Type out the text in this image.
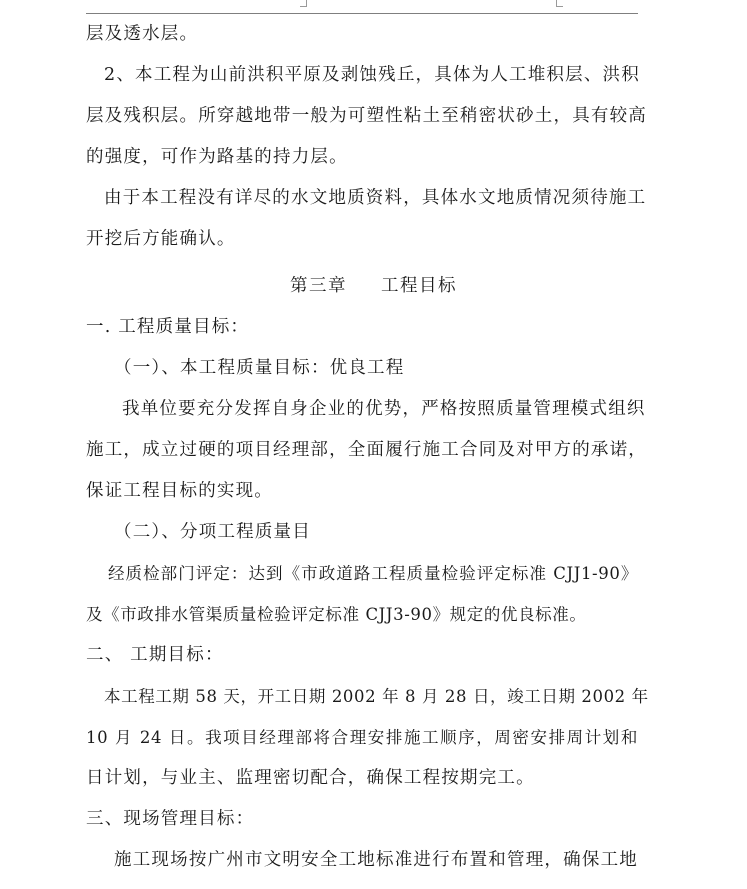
层及透水层。
2、本工程为山前洪积平原及剥蚀残丘，具体为人工堆积层、洪积
层及残积层。所穿越地带一般为可塑性粘土至稍密状砂土，具有较高
的强度，可作为路基的持力层。
由于本工程没有详尽的水文地质资料，具体水文地质情况须待施工
开挖后方能确认。
第三章 工程目标
一. 工程质量目标：
（一）、本工程质量目标：优良工程
我单位要充分发挥自身企业的优势，严格按照质量管理模式组织
施工，成立过硬的项目经理部，全面履行施工合同及对甲方的承诺，
保证工程目标的实现。
（二）、分项工程质量目
经质检部门评定：达到《市政道路工程质量检验评定标准 CJJ1-90》
及《市政排水管渠质量检验评定标准 CJJ3-90》规定的优良标准。
二、 工期目标：
本工程工期 58 天，开工日期 2002 年 8 月 28 日，竣工日期 2002 年
10 月 24 日。我项目经理部将合理安排施工顺序，周密安排周计划和
日计划，与业主、监理密切配合，确保工程按期完工。
三、现场管理目标：
施工现场按广州市文明安全工地标准进行布置和管理，确保工地
